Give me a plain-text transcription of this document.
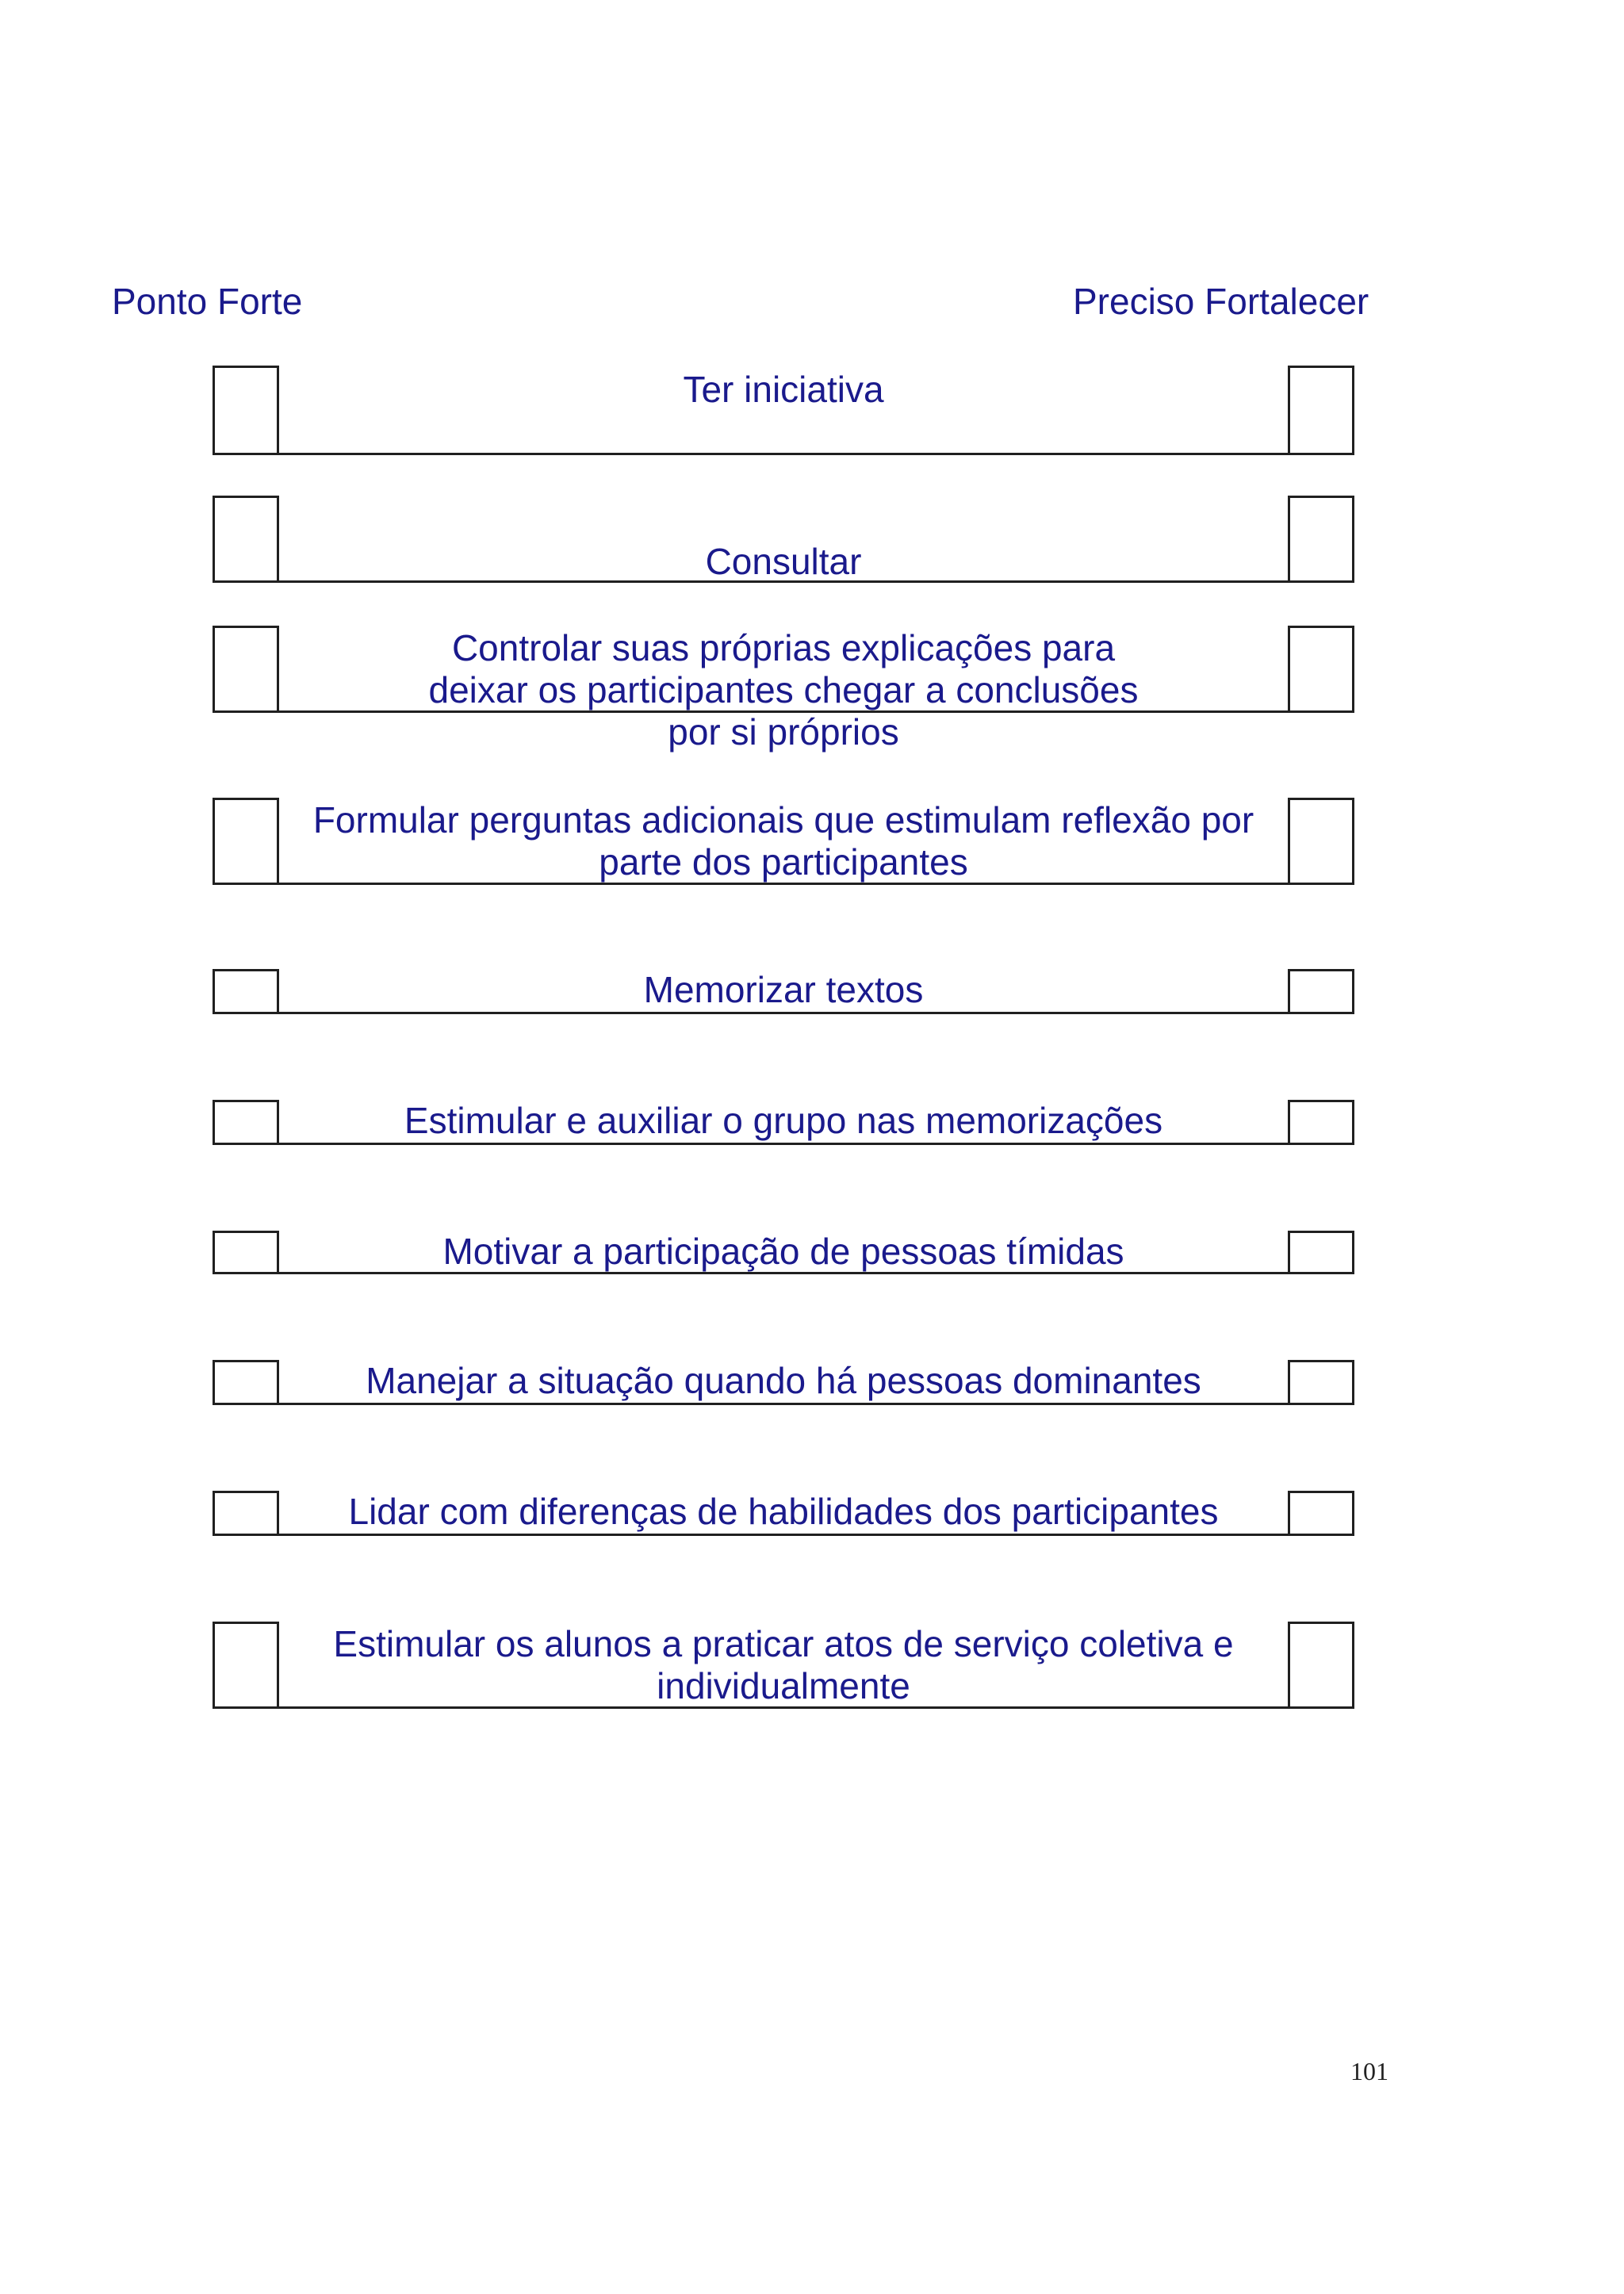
Ponto Forte	Preciso Fortalecer
Ter iniciativa
Consultar
Controlar suas próprias explicações para deixar os participantes chegar a conclusões por si próprios
Formular perguntas adicionais que estimulam reflexão por parte dos participantes
Memorizar textos
Estimular e auxiliar o grupo nas memorizações
Motivar a participação de pessoas tímidas
Manejar a situação quando há pessoas dominantes
Lidar com diferenças de habilidades dos participantes
Estimular os alunos a praticar atos de serviço coletiva e individualmente
101
